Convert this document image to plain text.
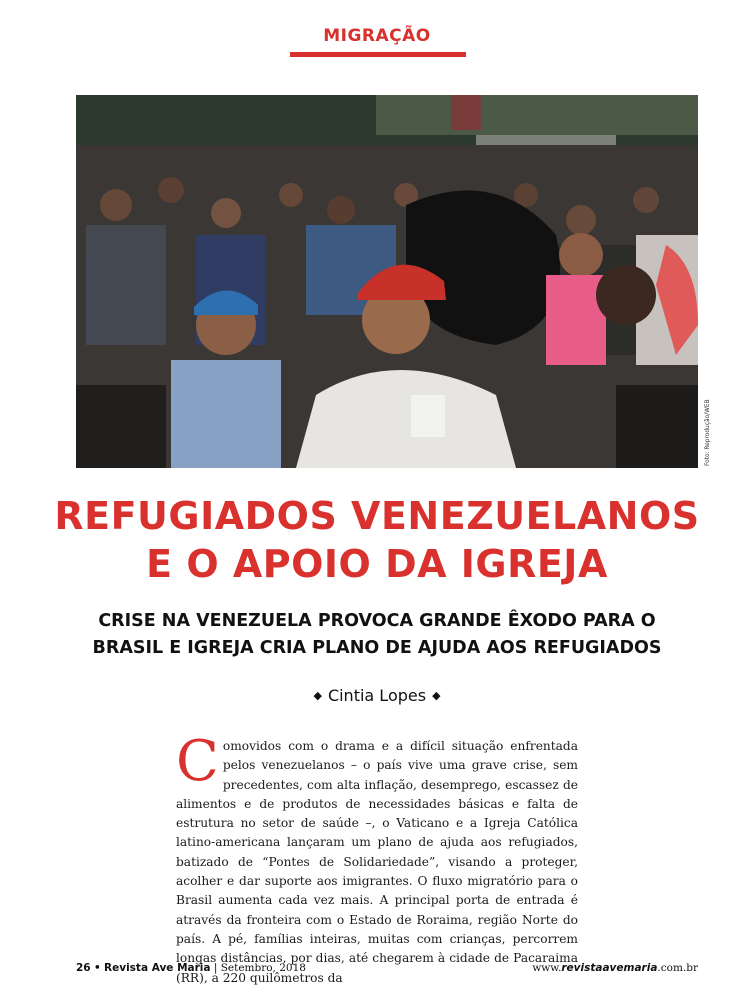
MIGRAÇÃO
Foto: Reprodução/WEB
REFUGIADOS VENEZUELANOS
E O APOIO DA IGREJA
CRISE NA VENEZUELA PROVOCA GRANDE ÊXODO PARA O
BRASIL E IGREJA CRIA PLANO DE AJUDA AOS REFUGIADOS
◆ Cintia Lopes ◆

Comovidos com o drama e a difícil situação enfrentada pelos venezuelanos – o país vive uma grave crise, sem precedentes, com alta inflação, desemprego, escassez de alimentos e de produtos de necessidades básicas e falta de estrutura no setor de saúde –, o Vaticano e a Igreja Católica latino-americana lançaram um plano de ajuda aos refugiados, batizado de “Pontes de Solidariedade”, visando a proteger, acolher e dar suporte aos imigrantes. O fluxo migratório para o Brasil aumenta cada vez mais. A principal porta de entrada é através da fronteira com o Estado de Roraima, região Norte do país. A pé, famílias inteiras, muitas com crianças, percorrem longas distâncias, por dias, até chegarem à cidade de Pacaraima (RR), a 220 quilômetros da

26 • Revista Ave Maria | Setembro, 2018	www.revistaavemaria.com.br
